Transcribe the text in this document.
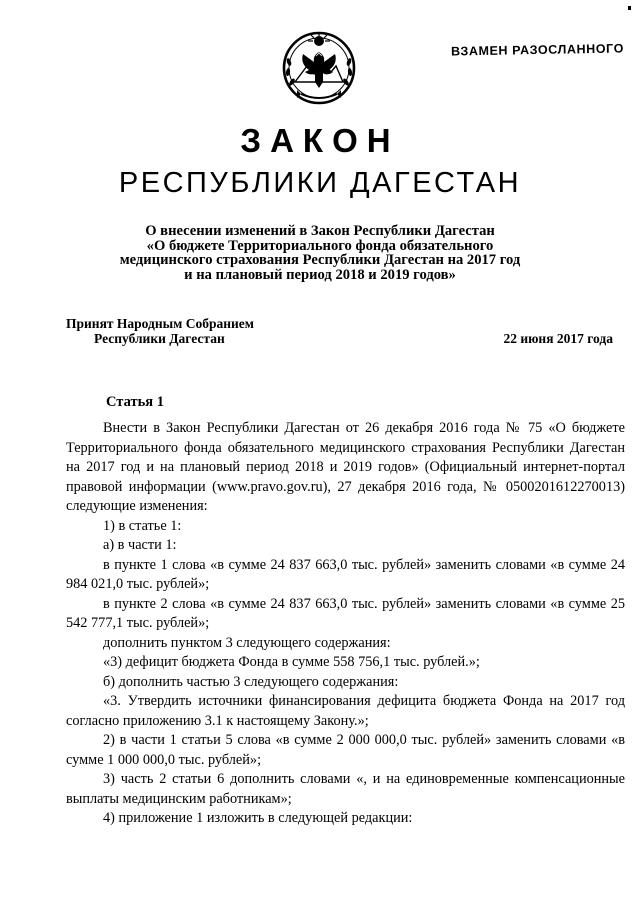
ВЗАМЕН РАЗОСЛАННОГО
ЗАКОН
РЕСПУБЛИКИ ДАГЕСТАН
О внесении изменений в Закон Республики Дагестан
«О бюджете Территориального фонда обязательного
медицинского страхования Республики Дагестан на 2017 год
и на плановый период 2018 и 2019 годов»
Принят Народным Собранием
Республики Дагестан	22 июня 2017 года
Статья 1

Внести в Закон Республики Дагестан от 26 декабря 2016 года № 75 «О бюджете Территориального фонда обязательного медицинского страхования Республики Дагестан на 2017 год и на плановый период 2018 и 2019 годов» (Официальный интернет-портал правовой информации (www.pravo.gov.ru), 27 декабря 2016 года, № 0500201612270013) следующие изменения:

1) в статье 1:

а) в части 1:

в пункте 1 слова «в сумме 24 837 663,0 тыс. рублей» заменить словами «в сумме 24 984 021,0 тыс. рублей»;

в пункте 2 слова «в сумме 24 837 663,0 тыс. рублей» заменить словами «в сумме 25 542 777,1 тыс. рублей»;

дополнить пунктом 3 следующего содержания:

«3) дефицит бюджета Фонда в сумме 558 756,1 тыс. рублей.»;

б) дополнить частью 3 следующего содержания:

«3. Утвердить источники финансирования дефицита бюджета Фонда на 2017 год согласно приложению 3.1 к настоящему Закону.»;

2) в части 1 статьи 5 слова «в сумме 2 000 000,0 тыс. рублей» заменить словами «в сумме 1 000 000,0 тыс. рублей»;

3) часть 2 статьи 6 дополнить словами «, и на единовременные компенсационные выплаты медицинским работникам»;

4) приложение 1 изложить в следующей редакции:
